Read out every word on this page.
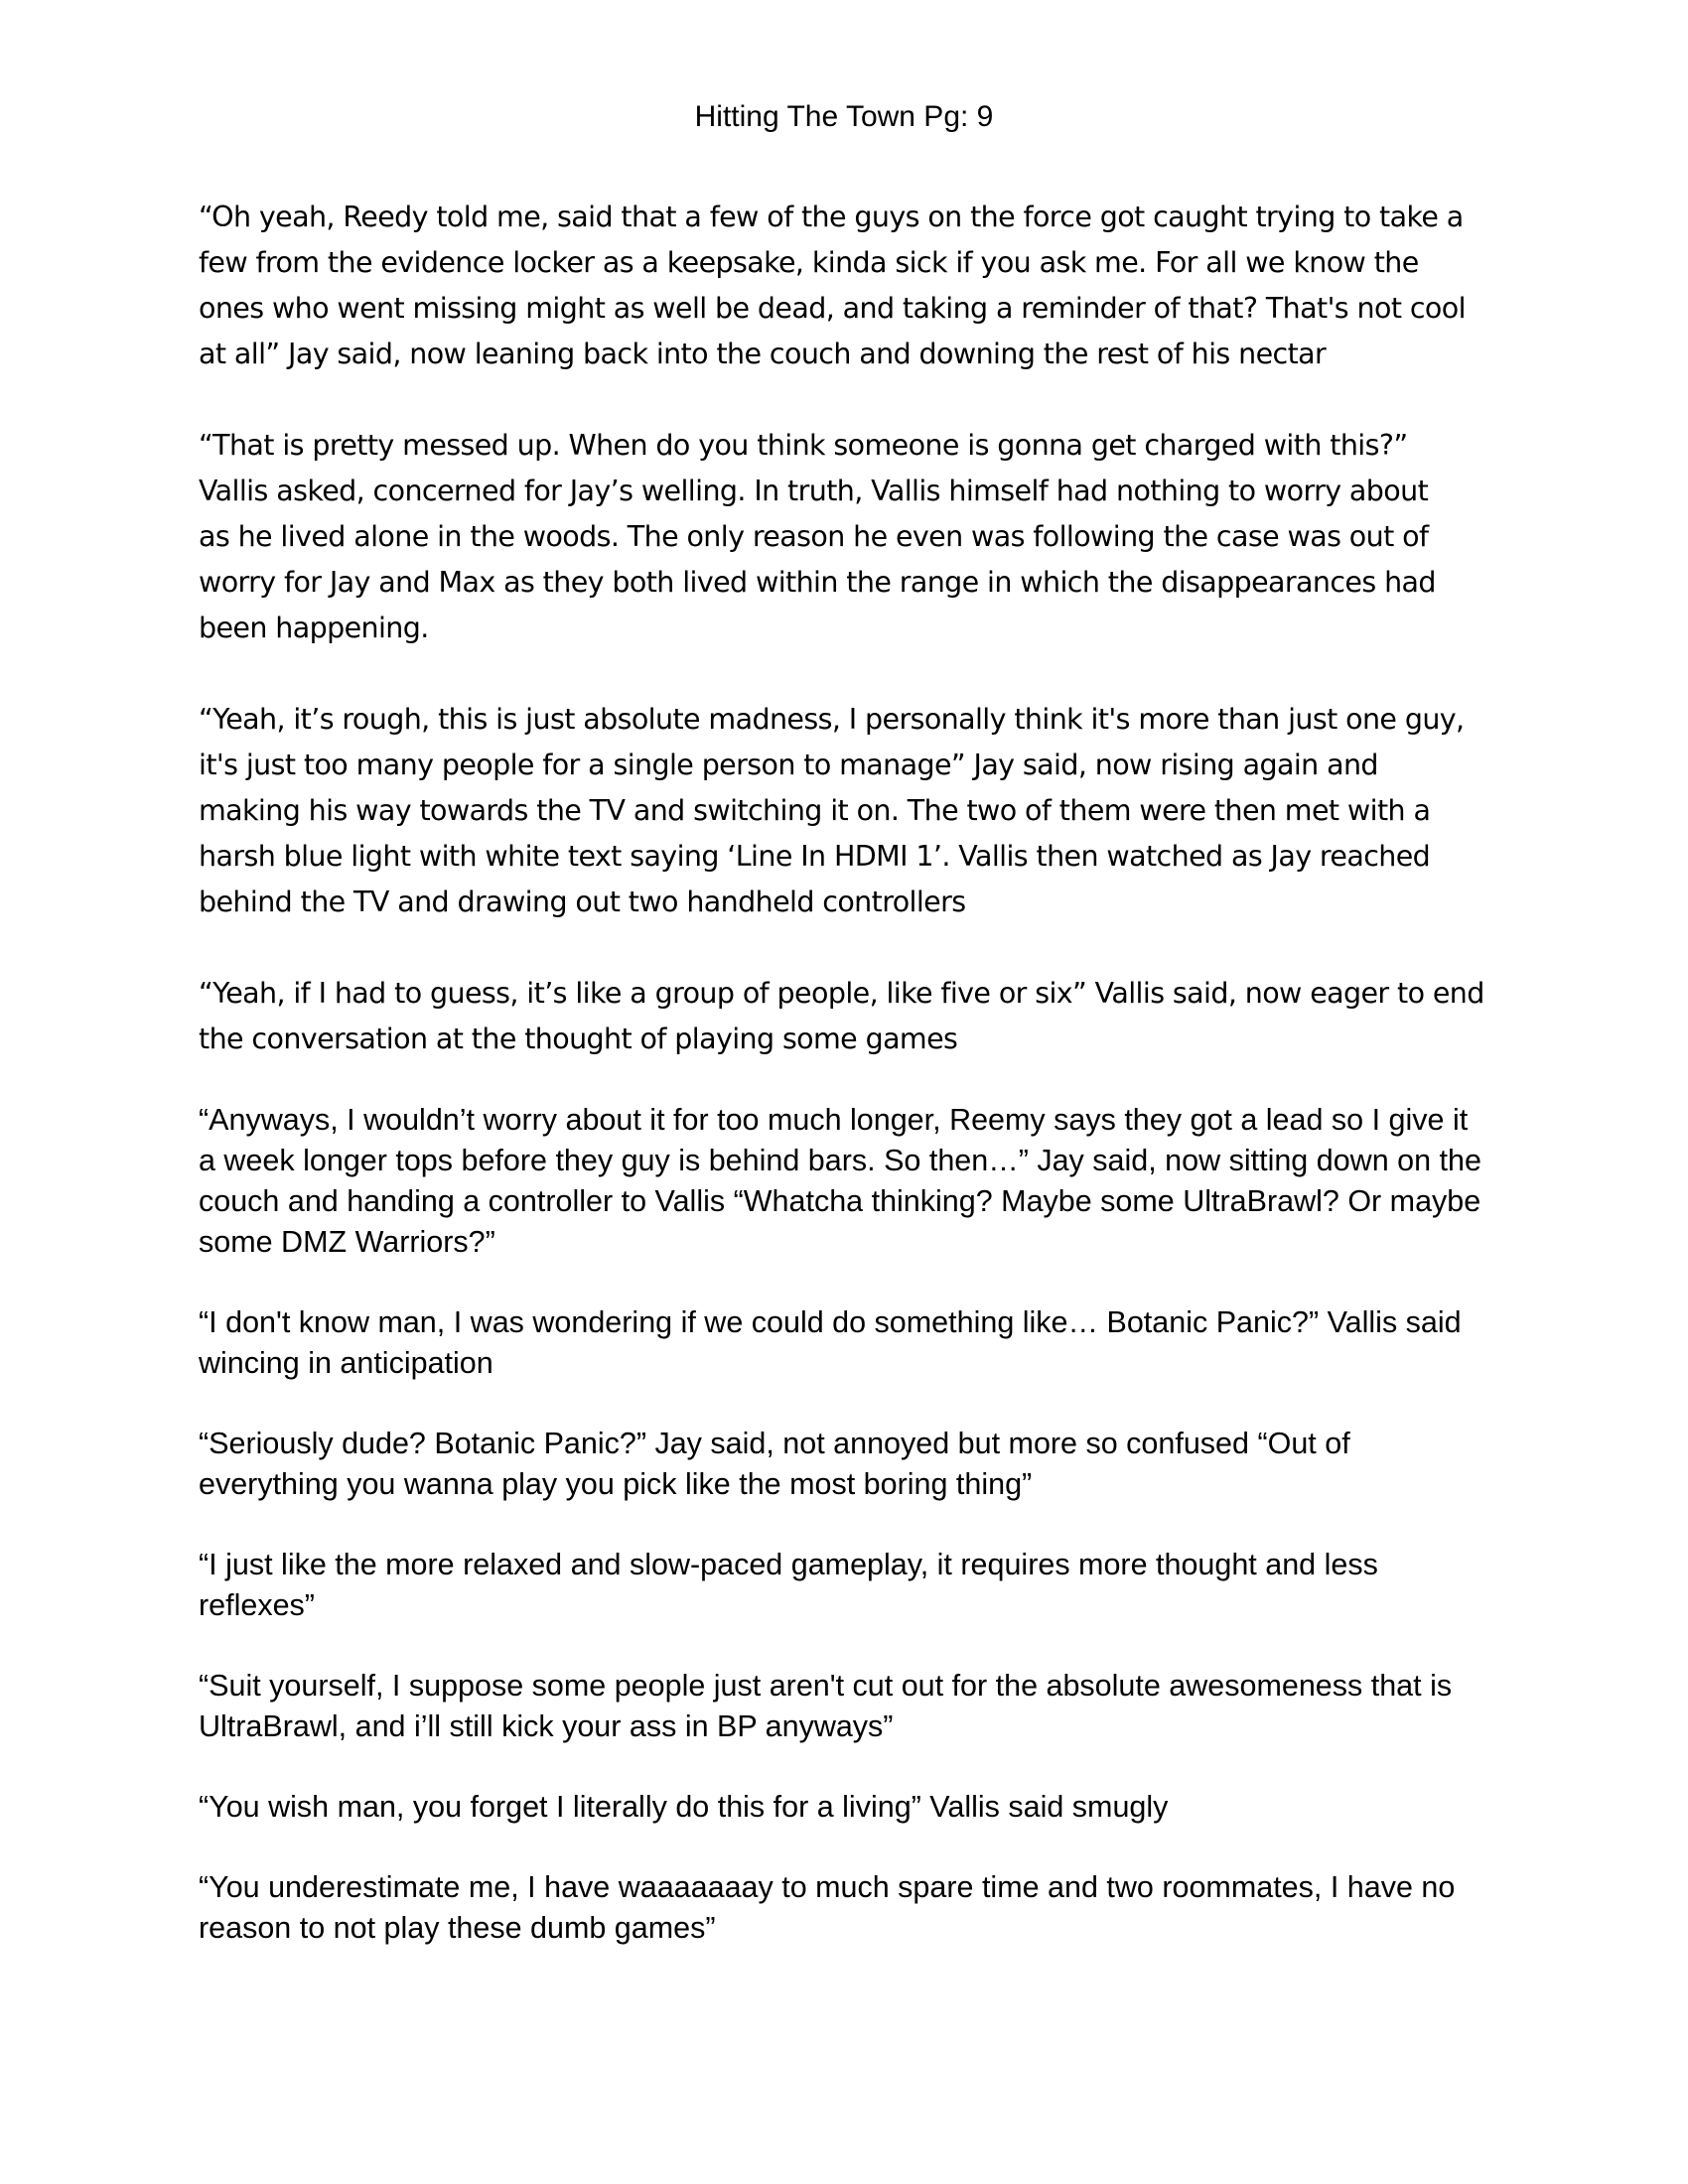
Hitting The Town Pg: 9

“Oh yeah, Reedy told me, said that a few of the guys on the force got caught trying to take a
few from the evidence locker as a keepsake, kinda sick if you ask me. For all we know the
ones who went missing might as well be dead, and taking a reminder of that? That's not cool
at all” Jay said, now leaning back into the couch and downing the rest of his nectar

“That is pretty messed up. When do you think someone is gonna get charged with this?”
Vallis asked, concerned for Jay’s welling. In truth, Vallis himself had nothing to worry about
as he lived alone in the woods. The only reason he even was following the case was out of
worry for Jay and Max as they both lived within the range in which the disappearances had
been happening.

“Yeah, it’s rough, this is just absolute madness, I personally think it's more than just one guy,
it's just too many people for a single person to manage” Jay said, now rising again and
making his way towards the TV and switching it on. The two of them were then met with a
harsh blue light with white text saying ‘Line In HDMI 1’. Vallis then watched as Jay reached
behind the TV and drawing out two handheld controllers

“Yeah, if I had to guess, it’s like a group of people, like five or six” Vallis said, now eager to end
the conversation at the thought of playing some games

“Anyways, I wouldn’t worry about it for too much longer, Reemy says they got a lead so I give it
a week longer tops before they guy is behind bars. So then…” Jay said, now sitting down on the
couch and handing a controller to Vallis “Whatcha thinking? Maybe some UltraBrawl? Or maybe
some DMZ Warriors?”

“I don't know man, I was wondering if we could do something like… Botanic Panic?” Vallis said
wincing in anticipation

“Seriously dude? Botanic Panic?” Jay said, not annoyed but more so confused “Out of
everything you wanna play you pick like the most boring thing”

“I just like the more relaxed and slow-paced gameplay, it requires more thought and less
reflexes”

“Suit yourself, I suppose some people just aren't cut out for the absolute awesomeness that is
UltraBrawl, and i’ll still kick your ass in BP anyways”

“You wish man, you forget I literally do this for a living” Vallis said smugly

“You underestimate me, I have waaaaaaay to much spare time and two roommates, I have no
reason to not play these dumb games”
